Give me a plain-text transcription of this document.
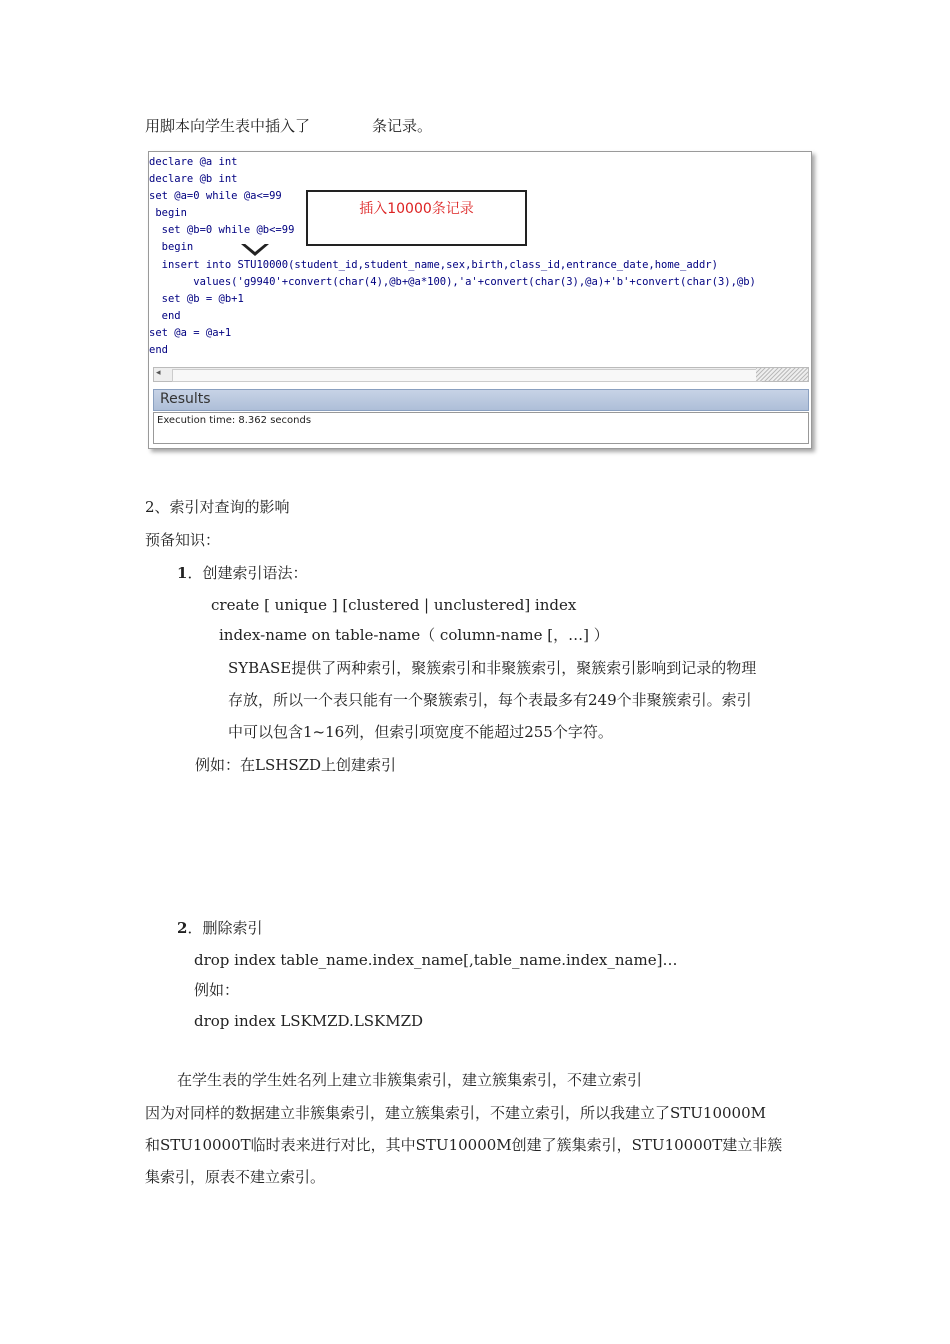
用脚本向学生表中插入了	条记录。
declare @a int
declare @b int
set @a=0 while @a<=99
begin
set @b=0 while @b<=99
begin
insert into STU10000(student_id,student_name,sex,birth,class_id,entrance_date,home_addr)
values('g9940'+convert(char(4),@b+@a*100),'a'+convert(char(3),@a)+'b'+convert(char(3),@b)
set @b = @b+1
end
set @a = @a+1
end
插入10000条记录
◂
Results
Execution time: 8.362 seconds
2、索引对查询的影响
预备知识：
1．创建索引语法：
create [ unique ] [clustered | unclustered] index
index-name on table-name（ column-name [，…] ）
SYBASE提供了两种索引，聚簇索引和非聚簇索引，聚簇索引影响到记录的物理
存放，所以一个表只能有一个聚簇索引，每个表最多有249个非聚簇索引。索引
中可以包含1~16列，但索引项宽度不能超过255个字符。
例如：在LSHSZD上创建索引
2．删除索引
drop index table_name.index_name[,table_name.index_name]…
例如：
drop index LSKMZD.LSKMZD
在学生表的学生姓名列上建立非簇集索引，建立簇集索引，不建立索引
因为对同样的数据建立非簇集索引，建立簇集索引，不建立索引，所以我建立了STU10000M
和STU10000T临时表来进行对比，其中STU10000M创建了簇集索引，STU10000T建立非簇
集索引，原表不建立索引。
